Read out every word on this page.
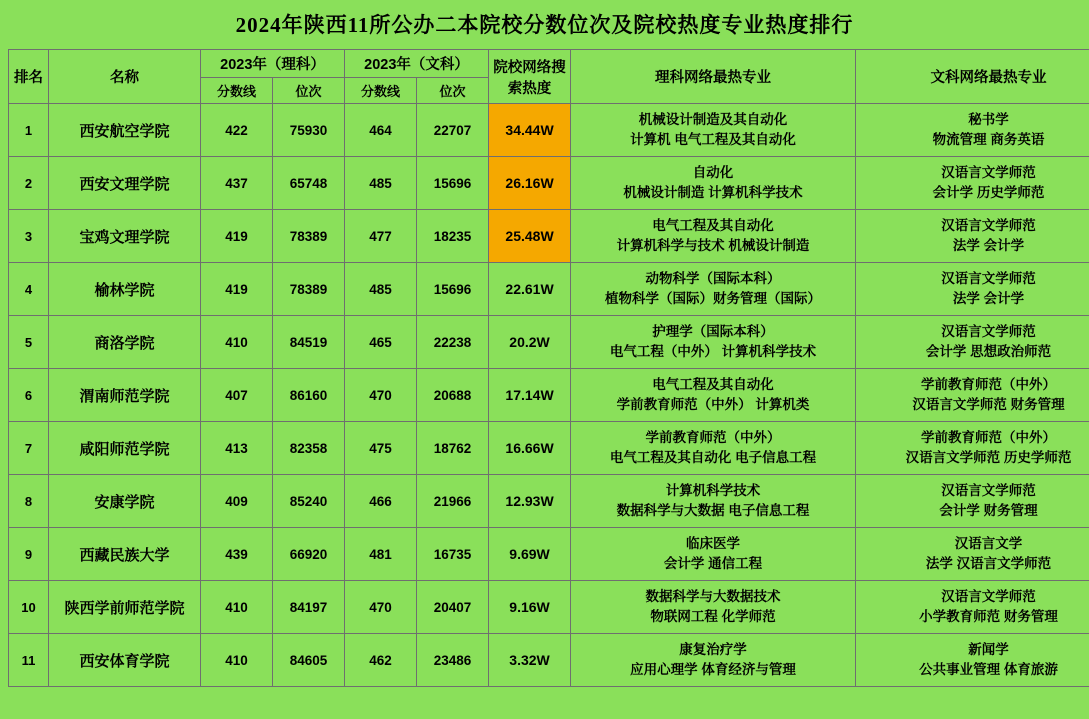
2024年陕西11所公办二本院校分数位次及院校热度专业热度排行
排名	名称	2023年（理科）		2023年（文科）		院校网络搜索热度	理科网络最热专业	文科网络最热专业
		分数线	位次	分数线	位次			
1	西安航空学院	422	75930	464	22707	34.44W	机械设计制造及其自动化
计算机 电气工程及其自动化	秘书学
物流管理 商务英语

2	西安文理学院	437	65748	485	15696	26.16W	自动化
机械设计制造 计算机科学技术	汉语言文学师范
会计学 历史学师范

3	宝鸡文理学院	419	78389	477	18235	25.48W	电气工程及其自动化
计算机科学与技术 机械设计制造	汉语言文学师范
法学 会计学

4	榆林学院	419	78389	485	15696	22.61W	动物科学（国际本科）
植物科学（国际）财务管理（国际）	汉语言文学师范
法学 会计学

5	商洛学院	410	84519	465	22238	20.2W	护理学（国际本科）
电气工程（中外） 计算机科学技术	汉语言文学师范
会计学 思想政治师范

6	渭南师范学院	407	86160	470	20688	17.14W	电气工程及其自动化
学前教育师范（中外） 计算机类	学前教育师范（中外）
汉语言文学师范 财务管理

7	咸阳师范学院	413	82358	475	18762	16.66W	学前教育师范（中外）
电气工程及其自动化 电子信息工程	学前教育师范（中外）
汉语言文学师范 历史学师范

8	安康学院	409	85240	466	21966	12.93W	计算机科学技术
数据科学与大数据 电子信息工程	汉语言文学师范
会计学 财务管理

9	西藏民族大学	439	66920	481	16735	9.69W	临床医学
会计学 通信工程	汉语言文学
法学 汉语言文学师范

10	陕西学前师范学院	410	84197	470	20407	9.16W	数据科学与大数据技术
物联网工程 化学师范	汉语言文学师范
小学教育师范 财务管理

11	西安体育学院	410	84605	462	23486	3.32W	康复治疗学
应用心理学 体育经济与管理	新闻学
公共事业管理 体育旅游
